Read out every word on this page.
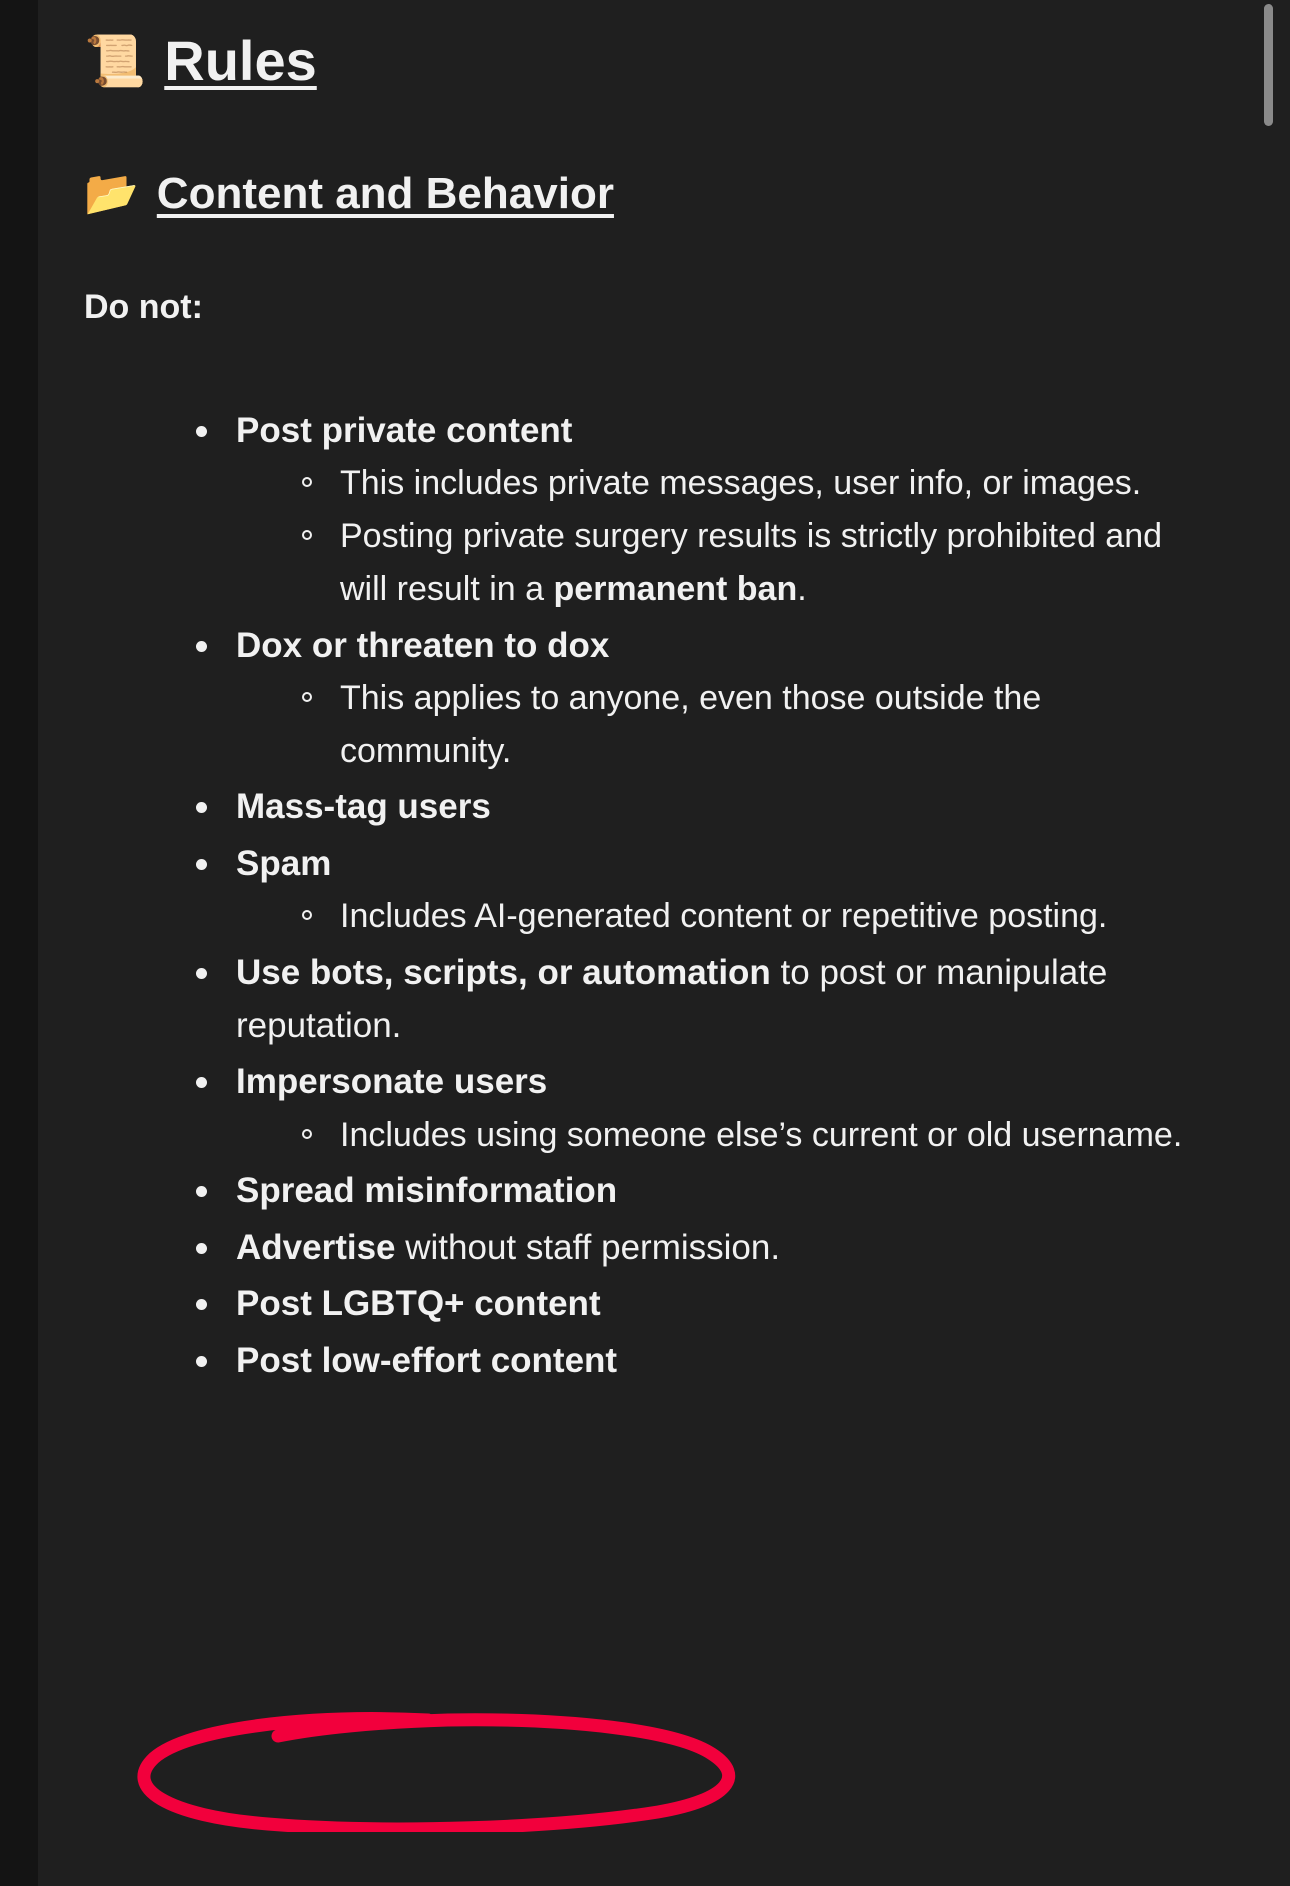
📜 Rules
📂 Content and Behavior

Do not:

Post private content
This includes private messages, user info, or images.
Posting private surgery results is strictly prohibited and will result in a permanent ban.
Dox or threaten to dox
This applies to anyone, even those outside the community.
Mass-tag users
Spam
Includes AI-generated content or repetitive posting.
Use bots, scripts, or automation to post or manipulate reputation.
Impersonate users
Includes using someone else’s current or old username.
Spread misinformation
Advertise without staff permission.
Post LGBTQ+ content
Post low-effort content
